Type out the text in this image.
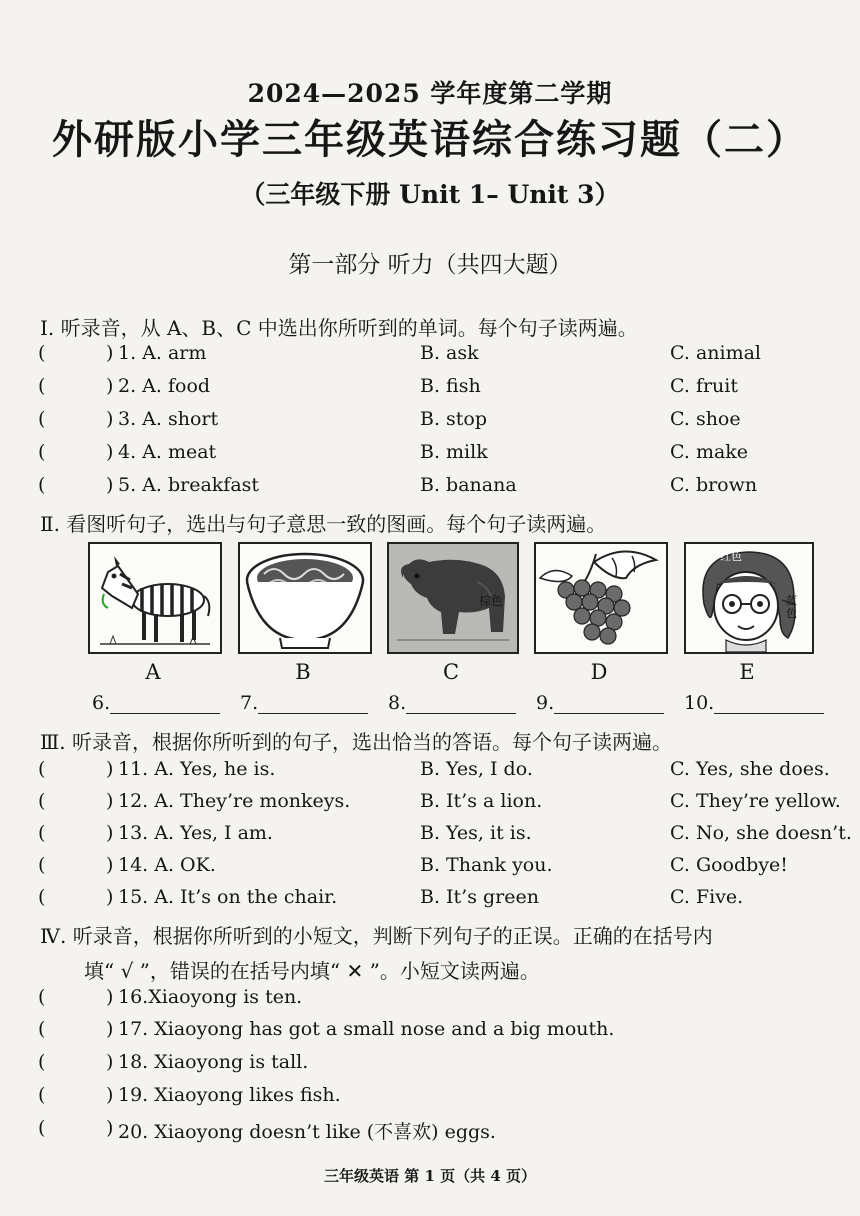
2024—2025 学年度第二学期
外研版小学三年级英语综合练习题（二）
（三年级下册 Unit 1– Unit 3）
第一部分 听力（共四大题）
Ⅰ. 听录音，从 A、B、C 中选出你所听到的单词。每个句子读两遍。
(	) 1. A. arm	B. ask	C. animal
(	) 2. A. food	B. fish	C. fruit
(	) 3. A. short	B. stop	C. shoe
(	) 4. A. meat	B. milk	C. make
(	) 5. A. breakfast	B. banana	C. brown
Ⅱ. 看图听句子，选出与句子意思一致的图画。每个句子读两遍。
棕色
红色
蓝色
A	B	C	D	E
6.	7.	8.	9.	10.
Ⅲ. 听录音，根据你所听到的句子，选出恰当的答语。每个句子读两遍。
(	) 11. A. Yes, he is.	B. Yes, I do.	C. Yes, she does.
(	) 12. A. They’re monkeys.	B. It’s a lion.	C. They’re yellow.
(	) 13. A. Yes, I am.	B. Yes, it is.	C. No, she doesn’t.
(	) 14. A. OK.	B. Thank you.	C. Goodbye!
(	) 15. A. It’s on the chair.	B. It’s green	C. Five.
Ⅳ. 听录音，根据你所听到的小短文，判断下列句子的正误。正确的在括号内
填“ √ ”，错误的在括号内填“ ✕ ”。小短文读两遍。
(	) 16.Xiaoyong is ten.
(	) 17. Xiaoyong has got a small nose and a big mouth.
(	) 18. Xiaoyong is tall.
(	) 19. Xiaoyong likes fish.
(	) 20. Xiaoyong doesn’t like (不喜欢) eggs.
三年级英语 第 1 页（共 4 页）
